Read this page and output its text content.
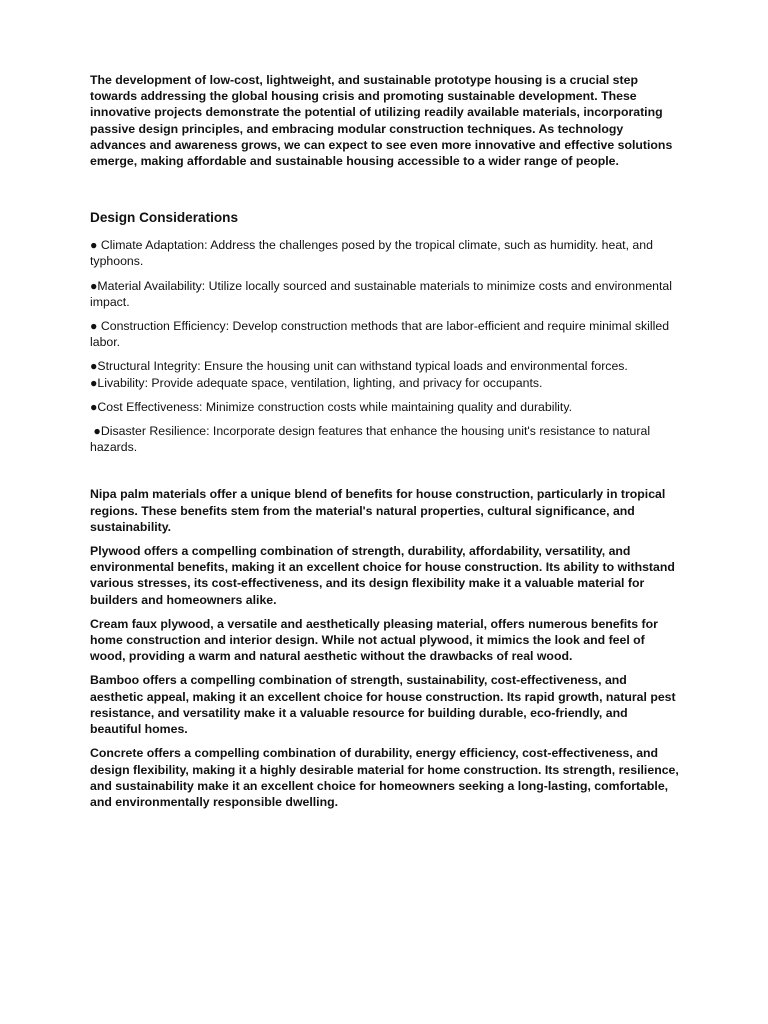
The development of low-cost, lightweight, and sustainable prototype housing is a crucial step towards addressing the global housing crisis and promoting sustainable development. These innovative projects demonstrate the potential of utilizing readily available materials, incorporating passive design principles, and embracing modular construction techniques. As technology advances and awareness grows, we can expect to see even more innovative and effective solutions emerge, making affordable and sustainable housing accessible to a wider range of people.

Design Considerations

● Climate Adaptation: Address the challenges posed by the tropical climate, such as humidity. heat, and typhoons.

●Material Availability: Utilize locally sourced and sustainable materials to minimize costs and environmental impact.

● Construction Efficiency: Develop construction methods that are labor-efficient and require minimal skilled labor.

●Structural Integrity: Ensure the housing unit can withstand typical loads and environmental forces. ●Livability: Provide adequate space, ventilation, lighting, and privacy for occupants.

●Cost Effectiveness: Minimize construction costs while maintaining quality and durability.

●Disaster Resilience: Incorporate design features that enhance the housing unit's resistance to natural hazards.

Nipa palm materials offer a unique blend of benefits for house construction, particularly in tropical regions. These benefits stem from the material's natural properties, cultural significance, and sustainability.

Plywood offers a compelling combination of strength, durability, affordability, versatility, and environmental benefits, making it an excellent choice for house construction. Its ability to withstand various stresses, its cost-effectiveness, and its design flexibility make it a valuable material for builders and homeowners alike.

Cream faux plywood, a versatile and aesthetically pleasing material, offers numerous benefits for home construction and interior design. While not actual plywood, it mimics the look and feel of wood, providing a warm and natural aesthetic without the drawbacks of real wood.

Bamboo offers a compelling combination of strength, sustainability, cost-effectiveness, and aesthetic appeal, making it an excellent choice for house construction. Its rapid growth, natural pest resistance, and versatility make it a valuable resource for building durable, eco-friendly, and beautiful homes.

Concrete offers a compelling combination of durability, energy efficiency, cost-effectiveness, and design flexibility, making it a highly desirable material for home construction. Its strength, resilience, and sustainability make it an excellent choice for homeowners seeking a long-lasting, comfortable, and environmentally responsible dwelling.
